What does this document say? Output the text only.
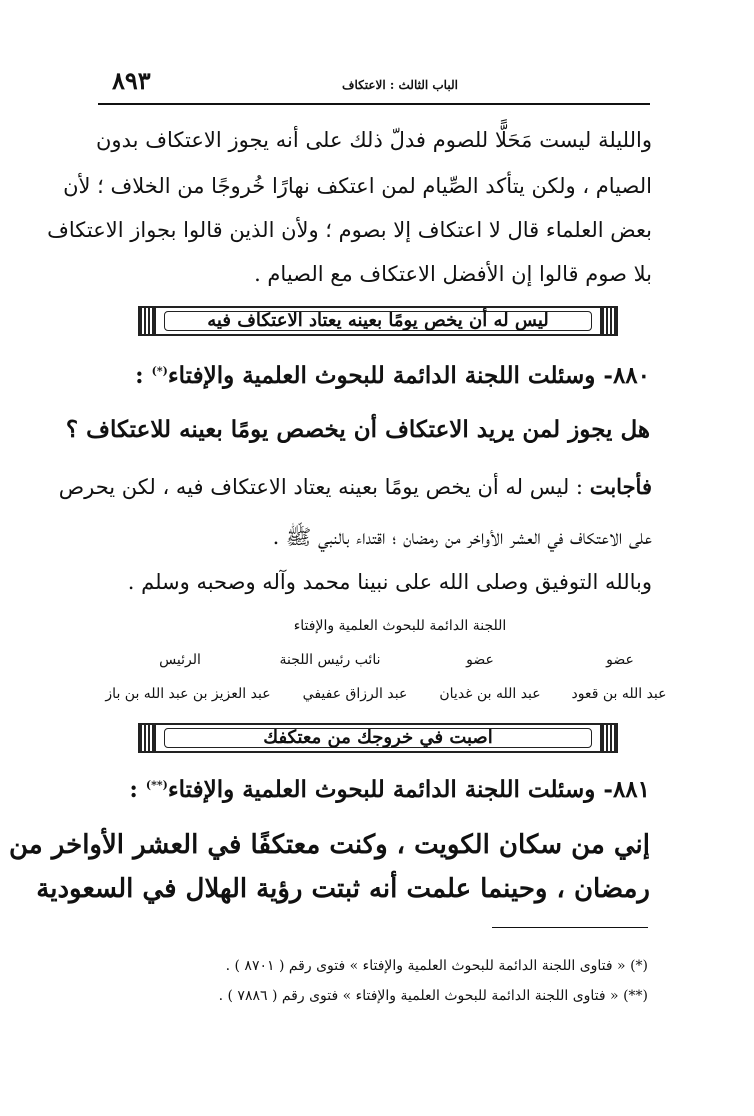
٨٩٣	الباب الثالث : الاعتكاف
والليلة ليست مَحَلًّا للصوم فدلّ ذلك على أنه يجوز الاعتكاف بدون
الصيام ، ولكن يتأكد الصِّيام لمن اعتكف نهارًا خُروجًا من الخلاف ؛ لأن
بعض العلماء قال لا اعتكاف إلا بصوم ؛ ولأن الذين قالوا بجواز الاعتكاف
بلا صوم قالوا إن الأفضل الاعتكاف مع الصيام .
ليس له أن يخص يومًا بعينه يعتاد الاعتكاف فيه
٨٨٠- وسئلت اللجنة الدائمة للبحوث العلمية والإفتاء(*) :
هل يجوز لمن يريد الاعتكاف أن يخصص يومًا بعينه للاعتكاف ؟
فأجابت : ليس له أن يخص يومًا بعينه يعتاد الاعتكاف فيه ، لكن يحرص
على الاعتكاف في العشر الأواخر من رمضان ؛ اقتداء بالنبي ﷺ .
وبالله التوفيق وصلى الله على نبينا محمد وآله وصحبه وسلم .
اللجنة الدائمة للبحوث العلمية والإفتاء
عضو
عضو
نائب رئيس اللجنة
الرئيس
عبد الله بن قعود
عبد الله بن غديان
عبد الرزاق عفيفي
عبد العزيز بن عبد الله بن باز
اصبت في خروجك من معتكفك
٨٨١- وسئلت اللجنة الدائمة للبحوث العلمية والإفتاء(**) :
إني من سكان الكويت ، وكنت معتكفًا في العشر الأواخر من
رمضان ، وحينما علمت أنه ثبتت رؤية الهلال في السعودية
(*) « فتاوى اللجنة الدائمة للبحوث العلمية والإفتاء » فتوى رقم ( ٨٧٠١ ) .
(**) « فتاوى اللجنة الدائمة للبحوث العلمية والإفتاء » فتوى رقم ( ٧٨٨٦ ) .
